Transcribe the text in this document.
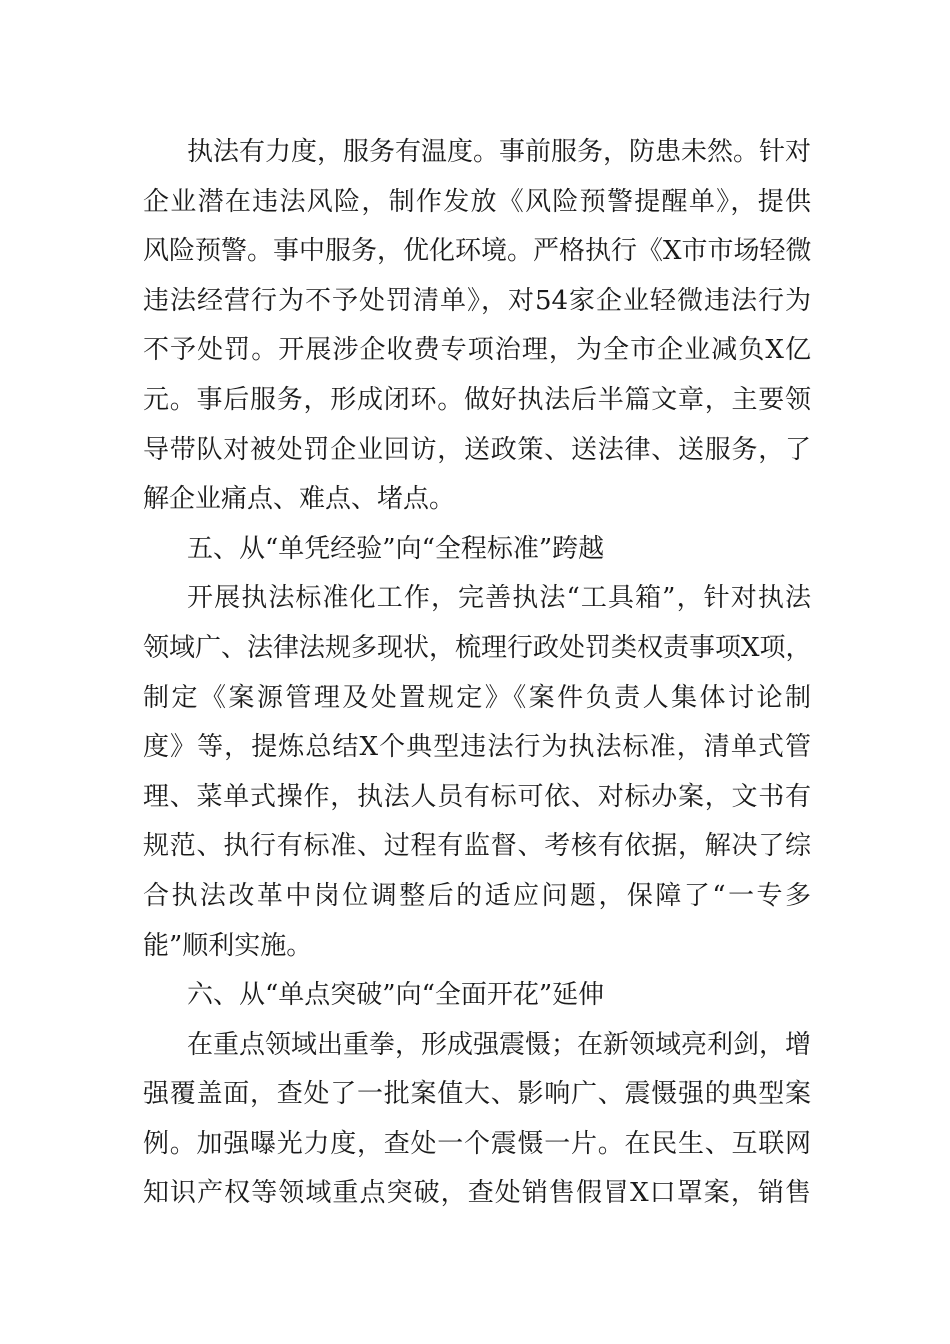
执法有力度，服务有温度。事前服务，防患未然。针对
企业潜在违法风险，制作发放《风险预警提醒单》，提供
风险预警。事中服务，优化环境。严格执行《X市市场轻微
违法经营行为不予处罚清单》，对54家企业轻微违法行为
不予处罚。开展涉企收费专项治理，为全市企业减负X亿
元。事后服务，形成闭环。做好执法后半篇文章，主要领
导带队对被处罚企业回访，送政策、送法律、送服务，了
解企业痛点、难点、堵点。
五、从“单凭经验”向“全程标准”跨越
开展执法标准化工作，完善执法“工具箱”，针对执法
领域广、法律法规多现状，梳理行政处罚类权责事项X项，
制定《案源管理及处置规定》《案件负责人集体讨论制
度》等，提炼总结X个典型违法行为执法标准，清单式管
理、菜单式操作，执法人员有标可依、对标办案，文书有
规范、执行有标准、过程有监督、考核有依据，解决了综
合执法改革中岗位调整后的适应问题，保障了“一专多
能”顺利实施。
六、从“单点突破”向“全面开花”延伸
在重点领域出重拳，形成强震慑；在新领域亮利剑，增
强覆盖面，查处了一批案值大、影响广、震慑强的典型案
例。加强曝光力度，查处一个震慑一片。在民生、互联网
知识产权等领域重点突破，查处销售假冒X口罩案，销售
